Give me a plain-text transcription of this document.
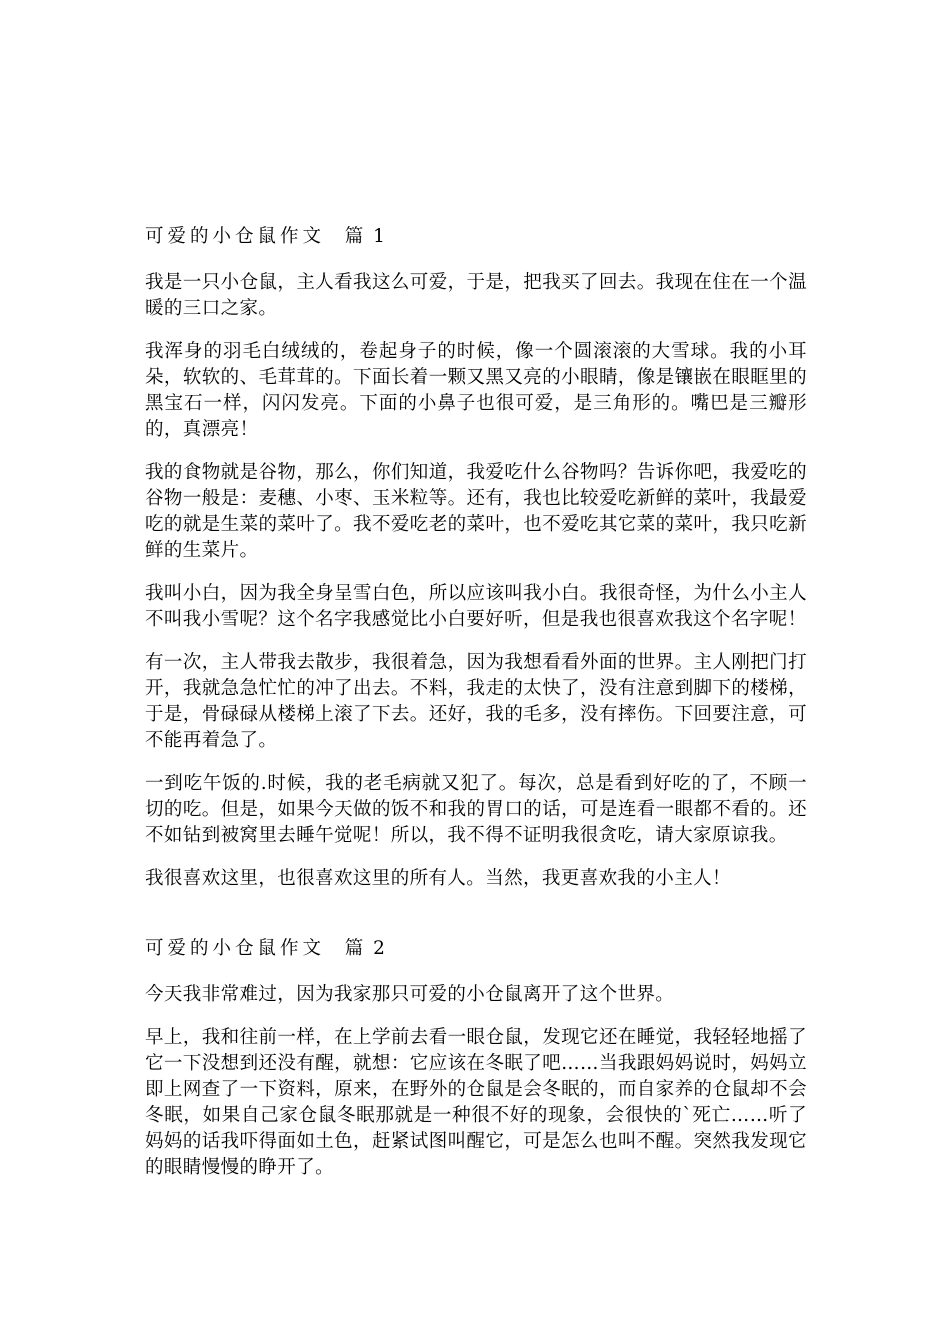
可爱的小仓鼠作文 篇 1

我是一只小仓鼠，主人看我这么可爱，于是，把我买了回去。我现在住在一个温暖的三口之家。

我浑身的羽毛白绒绒的，卷起身子的时候，像一个圆滚滚的大雪球。我的小耳朵，软软的、毛茸茸的。下面长着一颗又黑又亮的小眼睛，像是镶嵌在眼眶里的黑宝石一样，闪闪发亮。下面的小鼻子也很可爱，是三角形的。嘴巴是三瓣形的，真漂亮！

我的食物就是谷物，那么，你们知道，我爱吃什么谷物吗？告诉你吧，我爱吃的谷物一般是：麦穗、小枣、玉米粒等。还有，我也比较爱吃新鲜的菜叶，我最爱吃的就是生菜的菜叶了。我不爱吃老的菜叶，也不爱吃其它菜的菜叶，我只吃新鲜的生菜片。

我叫小白，因为我全身呈雪白色，所以应该叫我小白。我很奇怪，为什么小主人不叫我小雪呢？这个名字我感觉比小白要好听，但是我也很喜欢我这个名字呢！

有一次，主人带我去散步，我很着急，因为我想看看外面的世界。主人刚把门打开，我就急急忙忙的冲了出去。不料，我走的太快了，没有注意到脚下的楼梯，于是，骨碌碌从楼梯上滚了下去。还好，我的毛多，没有摔伤。下回要注意，可不能再着急了。

一到吃午饭的.时候，我的老毛病就又犯了。每次，总是看到好吃的了，不顾一切的吃。但是，如果今天做的饭不和我的胃口的话，可是连看一眼都不看的。还不如钻到被窝里去睡午觉呢！所以，我不得不证明我很贪吃，请大家原谅我。

我很喜欢这里，也很喜欢这里的所有人。当然，我更喜欢我的小主人！

可爱的小仓鼠作文 篇 2

今天我非常难过，因为我家那只可爱的小仓鼠离开了这个世界。

早上，我和往前一样，在上学前去看一眼仓鼠，发现它还在睡觉，我轻轻地摇了它一下没想到还没有醒，就想：它应该在冬眠了吧……当我跟妈妈说时，妈妈立即上网查了一下资料，原来，在野外的仓鼠是会冬眠的，而自家养的仓鼠却不会冬眠，如果自己家仓鼠冬眠那就是一种很不好的现象，会很快的`死亡……听了妈妈的话我吓得面如土色，赶紧试图叫醒它，可是怎么也叫不醒。突然我发现它的眼睛慢慢的睁开了。
